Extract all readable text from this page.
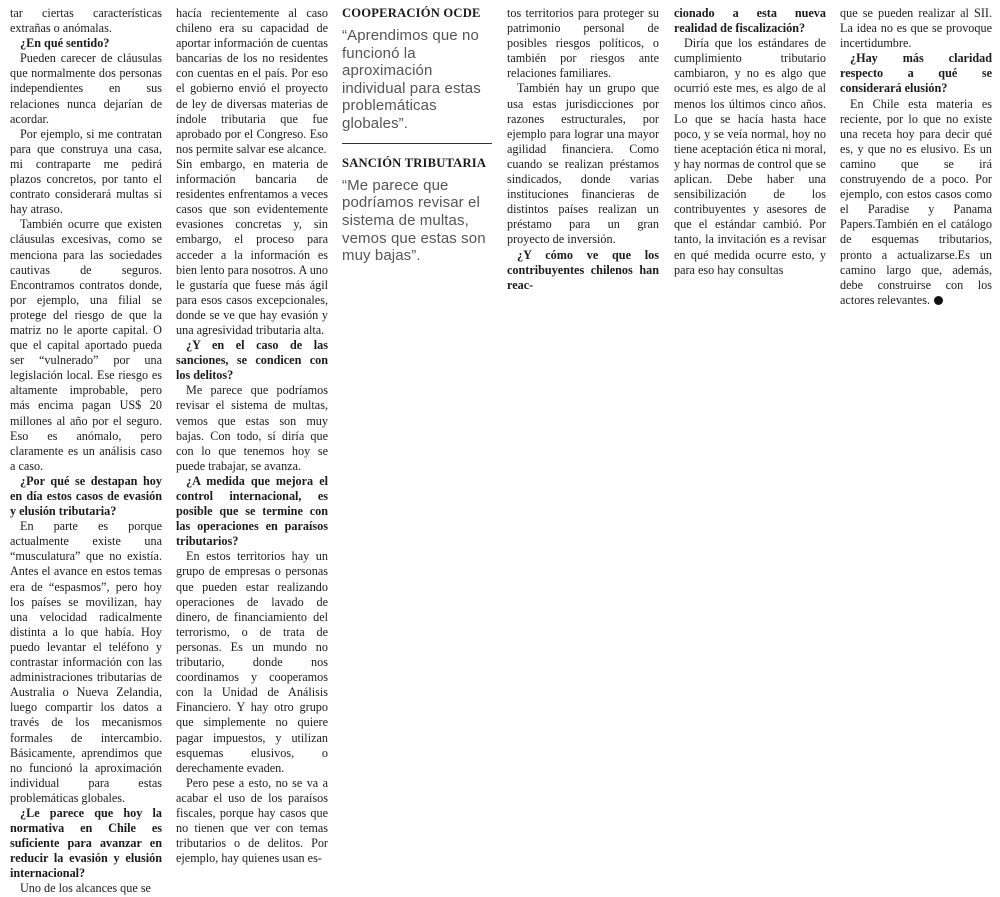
tar ciertas características extrañas o anómalas.

¿En qué sentido?

Pueden carecer de cláusulas que normalmente dos personas independientes en sus relaciones nunca dejarían de acordar.

Por ejemplo, si me contratan para que construya una casa, mi contraparte me pedirá plazos concretos, por tanto el contrato considerará multas si hay atraso.

También ocurre que existen cláusulas excesivas, como se menciona para las sociedades cautivas de seguros. Encontramos contratos donde, por ejemplo, una filial se protege del riesgo de que la matriz no le aporte capital. O que el capital aportado pueda ser “vulnerado” por una legislación local. Ese riesgo es altamente improbable, pero más encima pagan US$ 20 millones al año por el seguro. Eso es anómalo, pero claramente es un análisis caso a caso.

¿Por qué se destapan hoy en día estos casos de evasión y elusión tributaria?

En parte es porque actualmente existe una “musculatura” que no existía. Antes el avance en estos temas era de “espasmos”, pero hoy los países se movilizan, hay una velocidad radicalmente distinta a lo que había. Hoy puedo levantar el teléfono y contrastar información con las administraciones tributarias de Australia o Nueva Zelandia, luego compartir los datos a través de los mecanismos formales de intercambio. Básicamente, aprendimos que no funcionó la aproximación individual para estas problemáticas globales.

¿Le parece que hoy la normativa en Chile es suficiente para avanzar en reducir la evasión y elusión internacional?

Uno de los alcances que se

hacía recientemente al caso chileno era su capacidad de aportar información de cuentas bancarias de los no residentes con cuentas en el país. Por eso el gobierno envió el proyecto de ley de diversas materias de índole tributaria que fue aprobado por el Congreso. Eso nos permite salvar ese alcance.

Sin embargo, en materia de información bancaria de residentes enfrentamos a veces casos que son evidentemente evasiones concretas y, sin embargo, el proceso para acceder a la información es bien lento para nosotros. A uno le gustaría que fuese más ágil para esos casos excepcionales, donde se ve que hay evasión y una agresividad tributaria alta.

¿Y en el caso de las sanciones, se condicen con los delitos?

Me parece que podríamos revisar el sistema de multas, vemos que estas son muy bajas. Con todo, sí diría que con lo que tenemos hoy se puede trabajar, se avanza.

¿A medida que mejora el control internacional, es posible que se termine con las operaciones en paraísos tributarios?

En estos territorios hay un grupo de empresas o personas que pueden estar realizando operaciones de lavado de dinero, de financiamiento del terrorismo, o de trata de personas. Es un mundo no tributario, donde nos coordinamos y cooperamos con la Unidad de Análisis Financiero. Y hay otro grupo que simplemente no quiere pagar impuestos, y utilizan esquemas elusivos, o derechamente evaden.

Pero pese a esto, no se va a acabar el uso de los paraísos fiscales, porque hay casos que no tienen que ver con temas tributarios o de delitos. Por ejemplo, hay quienes usan es-

COOPERACIÓN OCDE
“Aprendimos que no funcionó la aproximación individual para estas problemáticas globales”.
SANCIÓN TRIBUTARIA
“Me parece que podríamos revisar el sistema de multas, vemos que estas son muy bajas”.

tos territorios para proteger su patrimonio personal de posibles riesgos políticos, o también por riesgos ante relaciones familiares.

También hay un grupo que usa estas jurisdicciones por razones estructurales, por ejemplo para lograr una mayor agilidad financiera. Como cuando se realizan préstamos sindicados, donde varias instituciones financieras de distintos países realizan un préstamo para un gran proyecto de inversión.

¿Y cómo ve que los contribuyentes chilenos han reac-

cionado a esta nueva realidad de fiscalización?

Diría que los estándares de cumplimiento tributario cambiaron, y no es algo que ocurrió este mes, es algo de al menos los últimos cinco años. Lo que se hacía hasta hace poco, y se veía normal, hoy no tiene aceptación ética ni moral, y hay normas de control que se aplican. Debe haber una sensibilización de los contribuyentes y asesores de que el estándar cambió. Por tanto, la invitación es a revisar en qué medida ocurre esto, y para eso hay consultas

que se pueden realizar al SII. La idea no es que se provoque incertidumbre.

¿Hay más claridad respecto a qué se considerará elusión?

En Chile esta materia es reciente, por lo que no existe una receta hoy para decir qué es, y que no es elusivo. Es un camino que se irá construyendo de a poco. Por ejemplo, con estos casos como el Paradise y Panama Papers.También en el catálogo de esquemas tributarios, pronto a actualizarse.Es un camino largo que, además, debe construirse con los actores relevantes.
